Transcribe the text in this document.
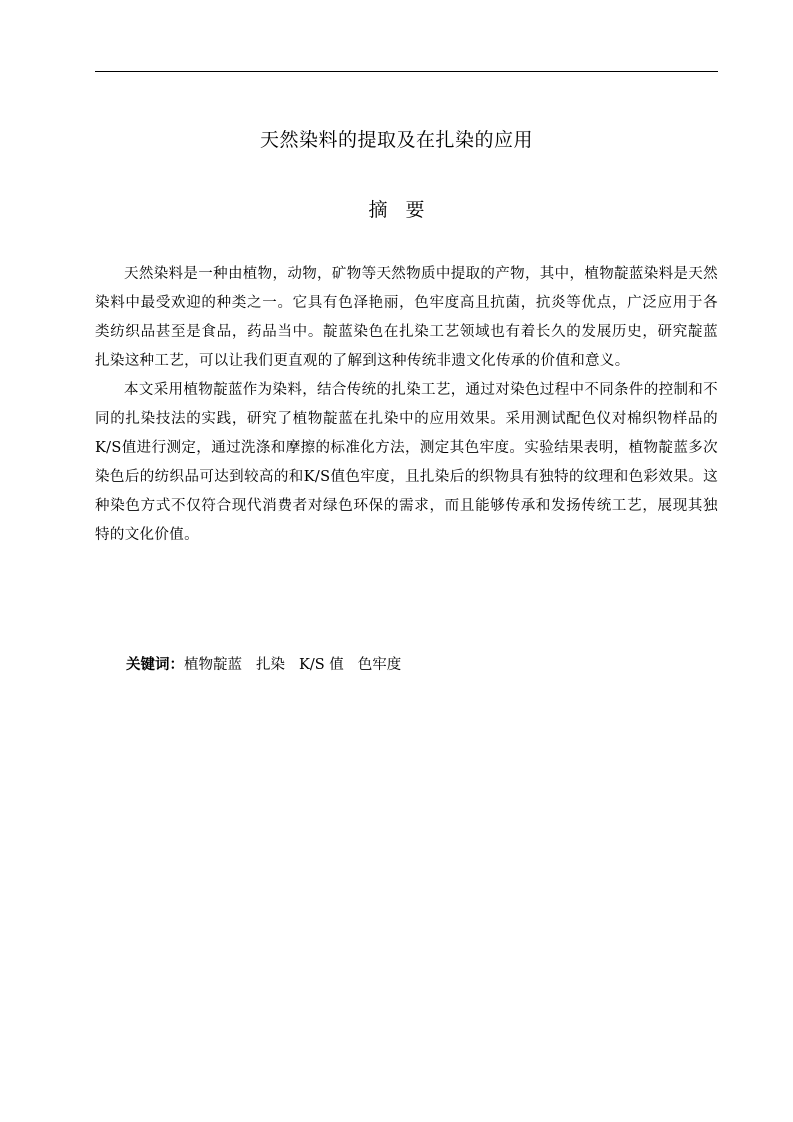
天然染料的提取及在扎染的应用
摘 要

天然染料是一种由植物，动物，矿物等天然物质中提取的产物，其中，植物靛蓝染料是天然染料中最受欢迎的种类之一。它具有色泽艳丽，色牢度高且抗菌，抗炎等优点，广泛应用于各类纺织品甚至是食品，药品当中。靛蓝染色在扎染工艺领域也有着长久的发展历史，研究靛蓝扎染这种工艺，可以让我们更直观的了解到这种传统非遗文化传承的价值和意义。

本文采用植物靛蓝作为染料，结合传统的扎染工艺，通过对染色过程中不同条件的控制和不同的扎染技法的实践，研究了植物靛蓝在扎染中的应用效果。采用测试配色仪对棉织物样品的K/S值进行测定，通过洗涤和摩擦的标准化方法，测定其色牢度。实验结果表明，植物靛蓝多次染色后的纺织品可达到较高的和K/S值色牢度，且扎染后的织物具有独特的纹理和色彩效果。这种染色方式不仅符合现代消费者对绿色环保的需求，而且能够传承和发扬传统工艺，展现其独特的文化价值。

关键词：植物靛蓝 扎染 K/S 值 色牢度
